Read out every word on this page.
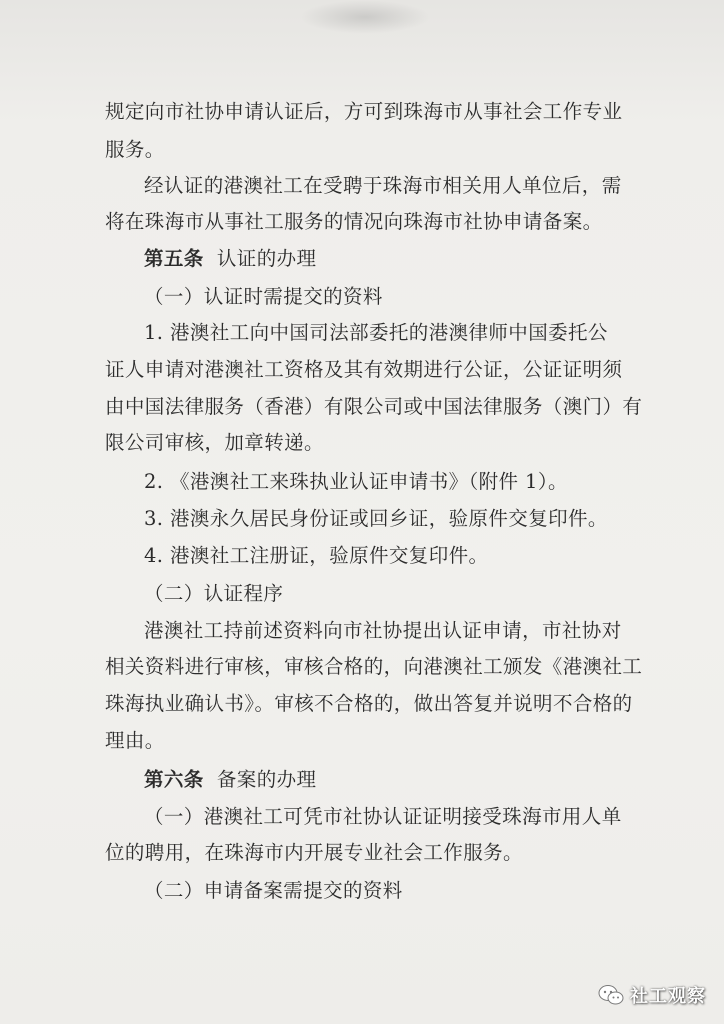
规定向市社协申请认证后，方可到珠海市从事社会工作专业
服务。
经认证的港澳社工在受聘于珠海市相关用人单位后，需
将在珠海市从事社工服务的情况向珠海市社协申请备案。
第五条 认证的办理
（一）认证时需提交的资料
1. 港澳社工向中国司法部委托的港澳律师中国委托公
证人申请对港澳社工资格及其有效期进行公证，公证证明须
由中国法律服务（香港）有限公司或中国法律服务（澳门）有
限公司审核，加章转递。
2. 《港澳社工来珠执业认证申请书》（附件 1）。
3. 港澳永久居民身份证或回乡证，验原件交复印件。
4. 港澳社工注册证，验原件交复印件。
（二）认证程序
港澳社工持前述资料向市社协提出认证申请，市社协对
相关资料进行审核，审核合格的，向港澳社工颁发《港澳社工
珠海执业确认书》。审核不合格的，做出答复并说明不合格的
理由。
第六条 备案的办理
（一）港澳社工可凭市社协认证证明接受珠海市用人单
位的聘用，在珠海市内开展专业社会工作服务。
（二）申请备案需提交的资料
社工观察
